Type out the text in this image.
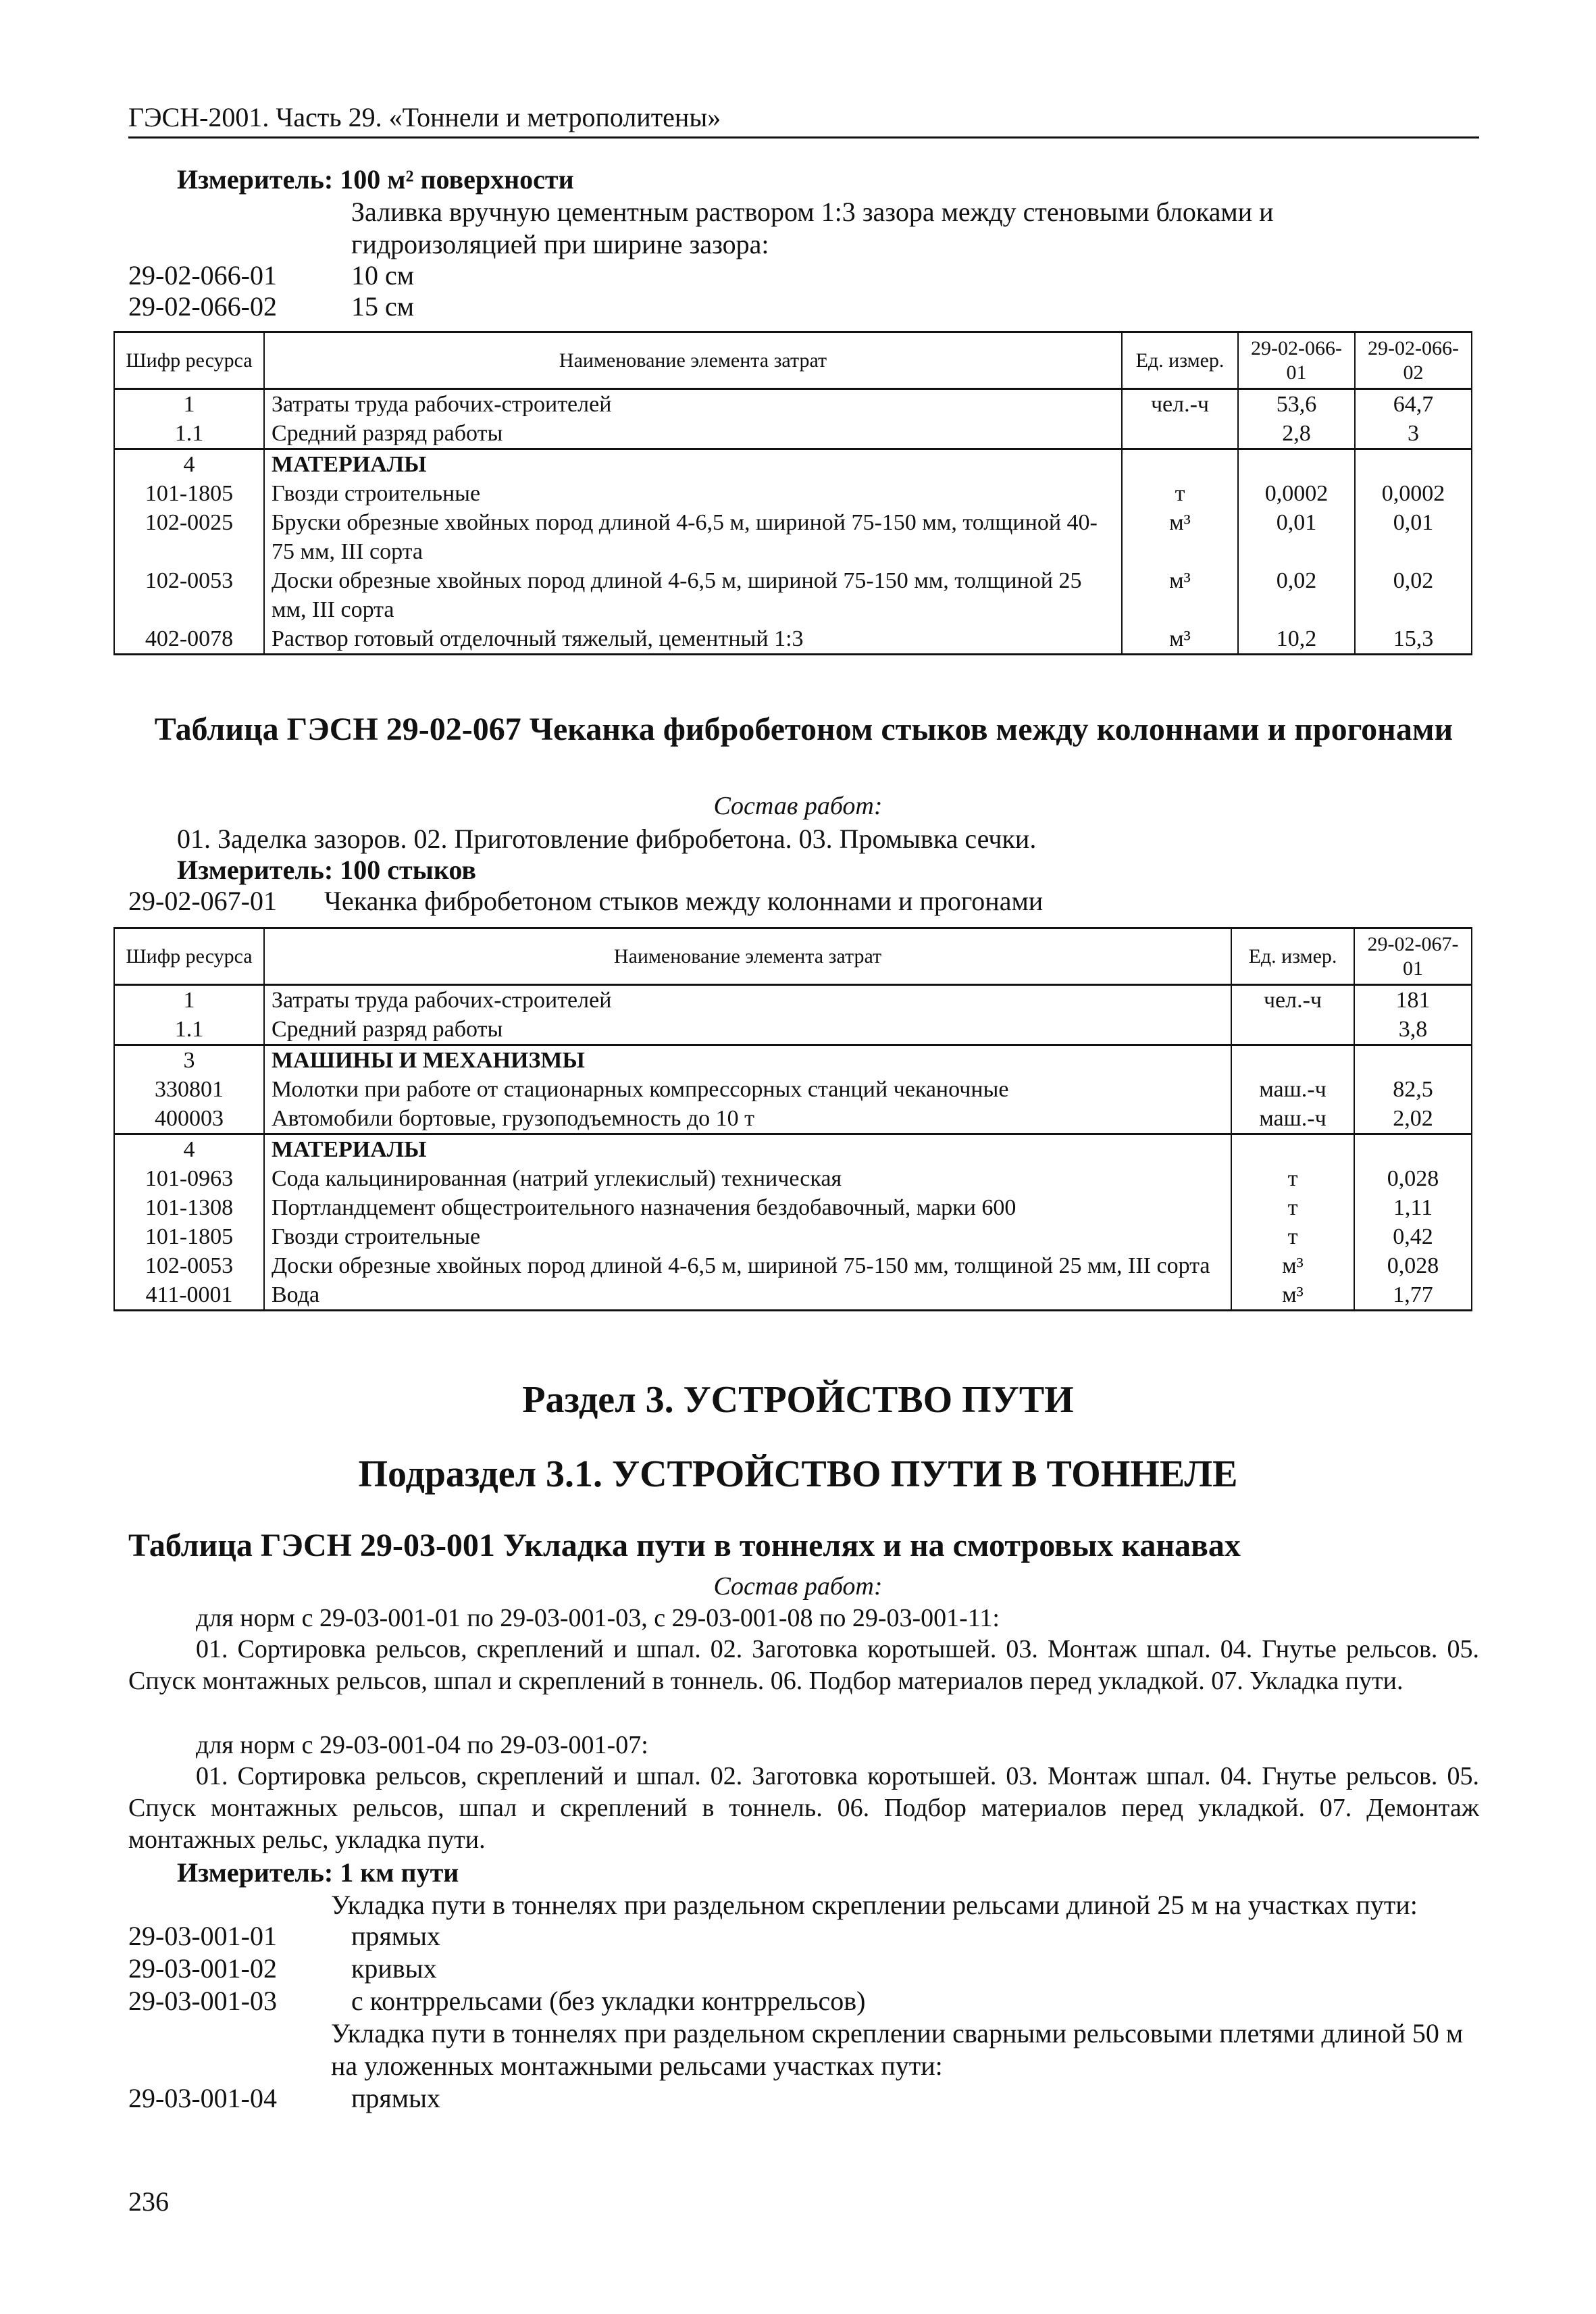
ГЭСН-2001. Часть 29. «Тоннели и метрополитены»
Измеритель: 100 м² поверхности
Заливка вручную цементным раствором 1:3 зазора между стеновыми блоками и гидроизоляцией при ширине зазора:
29-02-066-01	10 см
29-02-066-02	15 см
Шифр ресурса	Наименование элемента затрат	Ед. измер.	29-02-066-01	29-02-066-02
1	Затраты труда рабочих-строителей	чел.-ч	53,6	64,7
1.1	Средний разряд работы		2,8	3
4	МАТЕРИАЛЫ			
101-1805	Гвозди строительные	т	0,0002	0,0002
102-0025	Бруски обрезные хвойных пород длиной 4-6,5 м, шириной 75-150 мм, толщиной 40-75 мм, III сорта	м³	0,01	0,01
102-0053	Доски обрезные хвойных пород длиной 4-6,5 м, шириной 75-150 мм, толщиной 25 мм, III сорта	м³	0,02	0,02
402-0078	Раствор готовый отделочный тяжелый, цементный 1:3	м³	10,2	15,3
Таблица ГЭСН 29-02-067 Чеканка фибробетоном стыков между колоннами и прогонами
Состав работ:
01. Заделка зазоров. 02. Приготовление фибробетона. 03. Промывка сечки.
Измеритель: 100 стыков
29-02-067-01 Чеканка фибробетоном стыков между колоннами и прогонами
Шифр ресурса	Наименование элемента затрат	Ед. измер.	29-02-067-01
1	Затраты труда рабочих-строителей	чел.-ч	181
1.1	Средний разряд работы		3,8
3	МАШИНЫ И МЕХАНИЗМЫ		
330801	Молотки при работе от стационарных компрессорных станций чеканочные	маш.-ч	82,5
400003	Автомобили бортовые, грузоподъемность до 10 т	маш.-ч	2,02
4	МАТЕРИАЛЫ		
101-0963	Сода кальцинированная (натрий углекислый) техническая	т	0,028
101-1308	Портландцемент общестроительного назначения бездобавочный, марки 600	т	1,11
101-1805	Гвозди строительные	т	0,42
102-0053	Доски обрезные хвойных пород длиной 4-6,5 м, шириной 75-150 мм, толщиной 25 мм, III сорта	м³	0,028
411-0001	Вода	м³	1,77
Раздел 3. УСТРОЙСТВО ПУТИ
Подраздел 3.1. УСТРОЙСТВО ПУТИ В ТОННЕЛЕ
Таблица ГЭСН 29-03-001 Укладка пути в тоннелях и на смотровых канавах
Состав работ:
для норм с 29-03-001-01 по 29-03-001-03, с 29-03-001-08 по 29-03-001-11:
01. Сортировка рельсов, скреплений и шпал. 02. Заготовка коротышей. 03. Монтаж шпал. 04. Гнутье рельсов. 05. Спуск монтажных рельсов, шпал и скреплений в тоннель. 06. Подбор материалов перед укладкой. 07. Укладка пути.
для норм с 29-03-001-04 по 29-03-001-07:
01. Сортировка рельсов, скреплений и шпал. 02. Заготовка коротышей. 03. Монтаж шпал. 04. Гнутье рельсов. 05. Спуск монтажных рельсов, шпал и скреплений в тоннель. 06. Подбор материалов перед укладкой. 07. Демонтаж монтажных рельс, укладка пути.
Измеритель: 1 км пути
Укладка пути в тоннелях при раздельном скреплении рельсами длиной 25 м на участках пути:
29-03-001-01	прямых
29-03-001-02	кривых
29-03-001-03	с контррельсами (без укладки контррельсов)
Укладка пути в тоннелях при раздельном скреплении сварными рельсовыми плетями длиной 50 м на уложенных монтажными рельсами участках пути:
29-03-001-04	прямых
236
